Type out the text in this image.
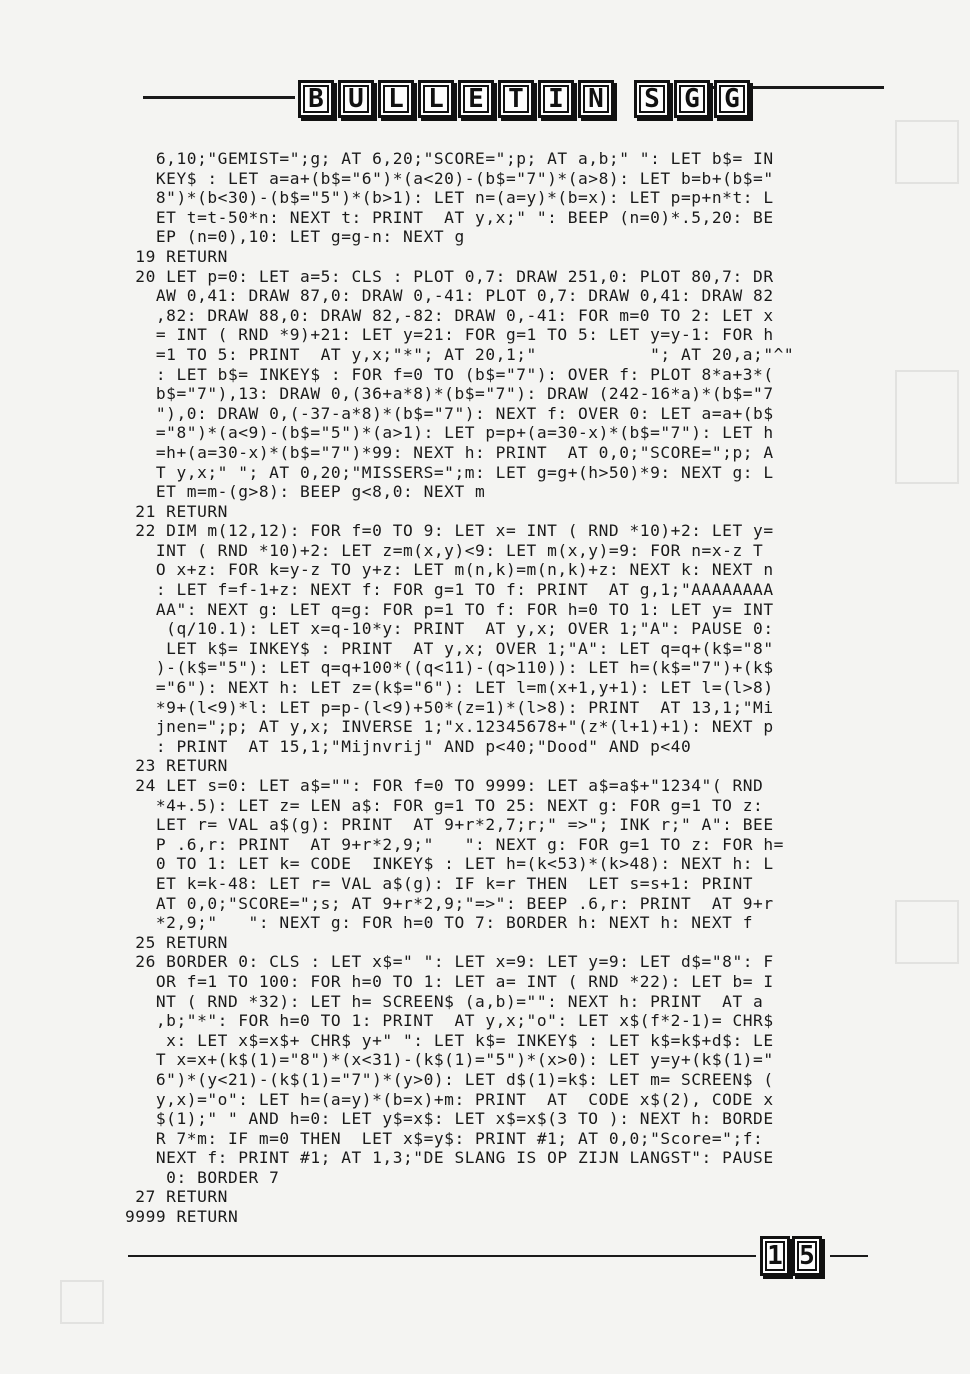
B U L L E T I N	S G G
6,10;"GEMIST=";g; AT 6,20;"SCORE=";p; AT a,b;" ": LET b$= IN
KEY$ : LET a=a+(b$="6")*(a<20)-(b$="7")*(a>8): LET b=b+(b$="
8")*(b<30)-(b$="5")*(b>1): LET n=(a=y)*(b=x): LET p=p+n*t: L
ET t=t-50*n: NEXT t: PRINT  AT y,x;" ": BEEP (n=0)*.5,20: BE
EP (n=0),10: LET g=g-n: NEXT g
19 RETURN
20 LET p=0: LET a=5: CLS : PLOT 0,7: DRAW 251,0: PLOT 80,7: DR
AW 0,41: DRAW 87,0: DRAW 0,-41: PLOT 0,7: DRAW 0,41: DRAW 82
,82: DRAW 88,0: DRAW 82,-82: DRAW 0,-41: FOR m=0 TO 2: LET x
= INT ( RND *9)+21: LET y=21: FOR g=1 TO 5: LET y=y-1: FOR h
=1 TO 5: PRINT  AT y,x;"*"; AT 20,1;"           "; AT 20,a;"^"
: LET b$= INKEY$ : FOR f=0 TO (b$="7"): OVER f: PLOT 8*a+3*(
b$="7"),13: DRAW 0,(36+a*8)*(b$="7"): DRAW (242-16*a)*(b$="7
"),0: DRAW 0,(-37-a*8)*(b$="7"): NEXT f: OVER 0: LET a=a+(b$
="8")*(a<9)-(b$="5")*(a>1): LET p=p+(a=30-x)*(b$="7"): LET h
=h+(a=30-x)*(b$="7")*99: NEXT h: PRINT  AT 0,0;"SCORE=";p; A
T y,x;" "; AT 0,20;"MISSERS=";m: LET g=g+(h>50)*9: NEXT g: L
ET m=m-(g>8): BEEP g<8,0: NEXT m
21 RETURN
22 DIM m(12,12): FOR f=0 TO 9: LET x= INT ( RND *10)+2: LET y=
INT ( RND *10)+2: LET z=m(x,y)<9: LET m(x,y)=9: FOR n=x-z T
O x+z: FOR k=y-z TO y+z: LET m(n,k)=m(n,k)+z: NEXT k: NEXT n
: LET f=f-1+z: NEXT f: FOR g=1 TO f: PRINT  AT g,1;"AAAAAAAA
AA": NEXT g: LET q=g: FOR p=1 TO f: FOR h=0 TO 1: LET y= INT
(q/10.1): LET x=q-10*y: PRINT  AT y,x; OVER 1;"A": PAUSE 0:
LET k$= INKEY$ : PRINT  AT y,x; OVER 1;"A": LET q=q+(k$="8"
)-(k$="5"): LET q=q+100*((q<11)-(q>110)): LET h=(k$="7")+(k$
="6"): NEXT h: LET z=(k$="6"): LET l=m(x+1,y+1): LET l=(l>8)
*9+(l<9)*l: LET p=p-(l<9)+50*(z=1)*(l>8): PRINT  AT 13,1;"Mi
jnen=";p; AT y,x; INVERSE 1;"x.12345678+"(z*(l+1)+1): NEXT p
: PRINT  AT 15,1;"Mijnvrij" AND p<40;"Dood" AND p<40
23 RETURN
24 LET s=0: LET a$="": FOR f=0 TO 9999: LET a$=a$+"1234"( RND
*4+.5): LET z= LEN a$: FOR g=1 TO 25: NEXT g: FOR g=1 TO z:
LET r= VAL a$(g): PRINT  AT 9+r*2,7;r;" =>"; INK r;" A": BEE
P .6,r: PRINT  AT 9+r*2,9;"   ": NEXT g: FOR g=1 TO z: FOR h=
0 TO 1: LET k= CODE  INKEY$ : LET h=(k<53)*(k>48): NEXT h: L
ET k=k-48: LET r= VAL a$(g): IF k=r THEN  LET s=s+1: PRINT
AT 0,0;"SCORE=";s; AT 9+r*2,9;"=>": BEEP .6,r: PRINT  AT 9+r
*2,9;"   ": NEXT g: FOR h=0 TO 7: BORDER h: NEXT h: NEXT f
25 RETURN
26 BORDER 0: CLS : LET x$=" ": LET x=9: LET y=9: LET d$="8": F
OR f=1 TO 100: FOR h=0 TO 1: LET a= INT ( RND *22): LET b= I
NT ( RND *32): LET h= SCREEN$ (a,b)="": NEXT h: PRINT  AT a
,b;"*": FOR h=0 TO 1: PRINT  AT y,x;"o": LET x$(f*2-1)= CHR$
x: LET x$=x$+ CHR$ y+" ": LET k$= INKEY$ : LET k$=k$+d$: LE
T x=x+(k$(1)="8")*(x<31)-(k$(1)="5")*(x>0): LET y=y+(k$(1)="
6")*(y<21)-(k$(1)="7")*(y>0): LET d$(1)=k$: LET m= SCREEN$ (
y,x)="o": LET h=(a=y)*(b=x)+m: PRINT  AT  CODE x$(2), CODE x
$(1);" " AND h=0: LET y$=x$: LET x$=x$(3 TO ): NEXT h: BORDE
R 7*m: IF m=0 THEN  LET x$=y$: PRINT #1; AT 0,0;"Score=";f:
NEXT f: PRINT #1; AT 1,3;"DE SLANG IS OP ZIJN LANGST": PAUSE
0: BORDER 7
27 RETURN
9999 RETURN
1 5
